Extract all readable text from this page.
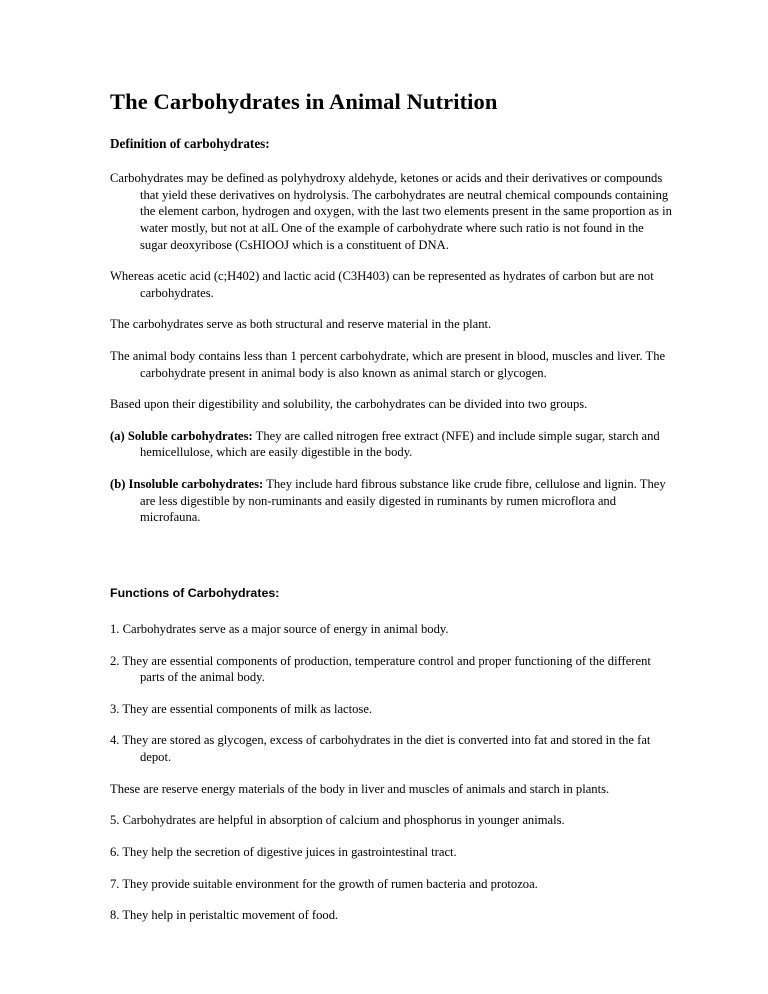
The Carbohydrates in Animal Nutrition
Definition of carbohydrates:

Carbohydrates may be defined as polyhydroxy aldehyde, ketones or acids and their derivatives or compounds that yield these derivatives on hydrolysis. The carbohydrates are neutral chemical compounds containing the element carbon, hydrogen and oxygen, with the last two elements present in the same proportion as in water mostly, but not at alL One of the example of carbohydrate where such ratio is not found in the sugar deoxyribose (CsHIOOJ which is a constituent of DNA.

Whereas acetic acid (c;H402) and lactic acid (C3H403) can be represented as hydrates of carbon but are not carbohydrates.

The carbohydrates serve as both structural and reserve material in the plant.

The animal body contains less than 1 percent carbohydrate, which are present in blood, muscles and liver. The carbohydrate present in animal body is also known as animal starch or glycogen.

Based upon their digestibility and solubility, the carbohydrates can be divided into two groups.

(a) Soluble carbohydrates: They are called nitrogen free extract (NFE) and include simple sugar, starch and hemicellulose, which are easily digestible in the body.

(b) Insoluble carbohydrates: They include hard fibrous substance like crude fibre, cellulose and lignin. They are less digestible by non-ruminants and easily digested in ruminants by rumen microflora and microfauna.

Functions of Carbohydrates:

1. Carbohydrates serve as a major source of energy in animal body.

2. They are essential components of production, temperature control and proper functioning of the different parts of the animal body.

3. They are essential components of milk as lactose.

4. They are stored as glycogen, excess of carbohydrates in the diet is converted into fat and stored in the fat depot.

These are reserve energy materials of the body in liver and muscles of animals and starch in plants.

5. Carbohydrates are helpful in absorption of calcium and phosphorus in younger animals.

6. They help the secretion of digestive juices in gastrointestinal tract.

7. They provide suitable environment for the growth of rumen bacteria and protozoa.

8. They help in peristaltic movement of food.
